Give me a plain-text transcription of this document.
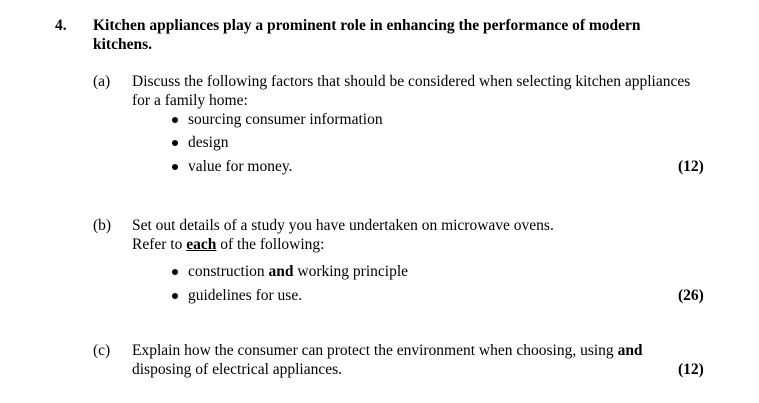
4. Kitchen appliances play a prominent role in enhancing the performance of modern
kitchens.
(a) Discuss the following factors that should be considered when selecting kitchen appliances
for a family home:
sourcing consumer information
design
value for money.	(12)
(b) Set out details of a study you have undertaken on microwave ovens.
Refer to each of the following:
construction and working principle
guidelines for use.	(26)
(c) Explain how the consumer can protect the environment when choosing, using and
disposing of electrical appliances.	(12)
